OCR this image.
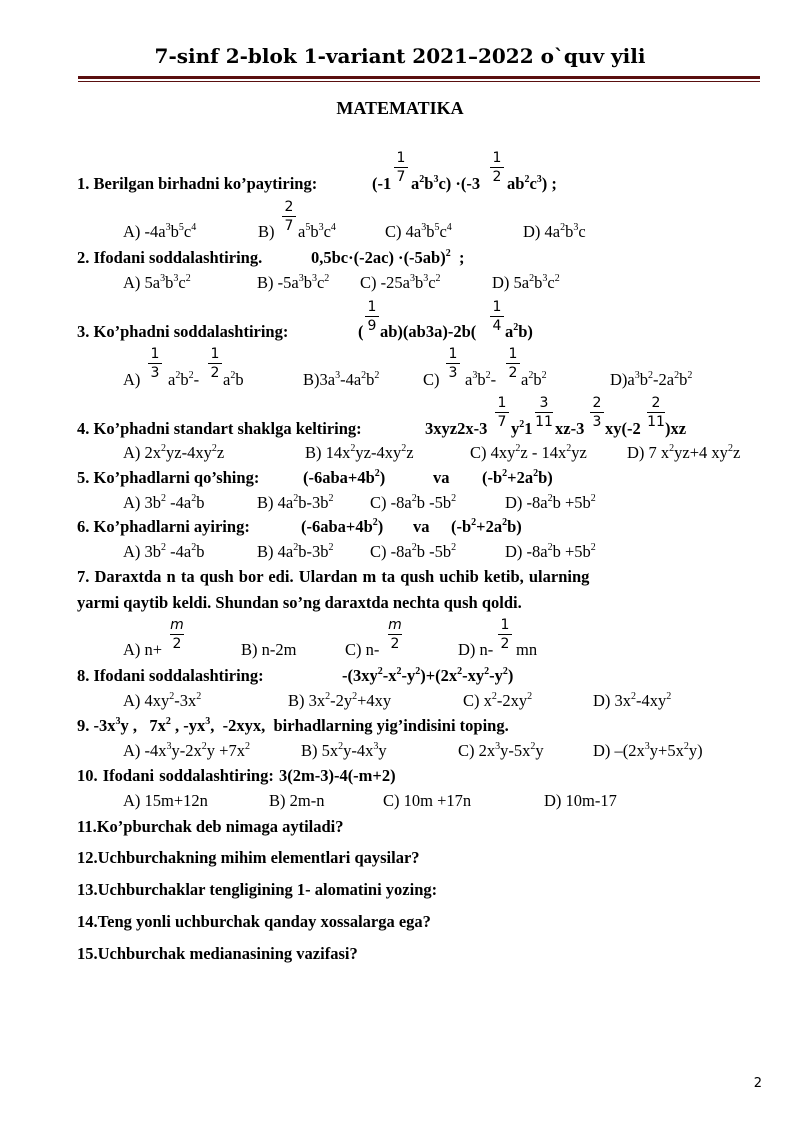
7-sinf 2-blok 1-variant 2021–2022 o`quv yili
MATEMATIKA
1
7
1
2
1. Berilgan birhadni ko’paytiring:	(-1 $a^2b^3c) \cdot(-3$ $ab^2c^3$) ;
2
7
A) $-4a^3b^5c^4$	B) $a^5b^3c^4$	C) $4a^3b^5c^4$	D) $4a^2b^3c$
2. Ifodani soddalashtiring.	$0,5bc\cdot(-2ac) \cdot(-5ab)^2$ ;
A) $5a^3b^3c^2$	B) $-5a^3b^3c^2$ C) $-25a^3b^3c^2$	D) $5a^2b^3c^2$
1
9
1
4
3. Ko’phadni soddalashtiring:	( ab)(ab3a)-2b( $a^2b$)
1
3
1
2
1
3
1
2
A) $a^2b^2-$ $a^2b$	$B)3a^3-4a^2b^2$	C) $a^3b^2-$ $a^2b^2$	$D)a^3b^2-2a^2b^2$
1
7
3
11
2
3
2
11
4. Ko’phadni standart shaklga keltiring:	3xyz2x-3 $y^21$ xz-3 xy(-2 )xz
A) $2x^2yz-4xy^2z$	B) $14x^2yz-4xy^2z$	C) $4xy^2z - 14x^2yz$ D) 7 $x^2yz+4$ $xy^2z$
5. Ko’phadlarni qo’shing:	$(-6aba+4b^2)$	va $(-b^2+2a^2b)$
A) $3b^2$ $-4a^2b$	B) $4a^2b-3b^2$ C) $-8a^2b$ $-5b^2$	D) $-8a^2b +5b^2$
6. Ko’phadlarni ayiring:	$(-6aba+4b^2)$ va $(-b^2+2a^2b)$
A) $3b^2$ $-4a^2b$	B) $4a^2b-3b^2$ C) $-8a^2b$ $-5b^2$	D) $-8a^2b +5b^2$
7. Daraxtda n ta qush bor edi. Ulardan m ta qush uchib ketib, ularning
yarmi qaytib keldi. Shundan so’ng daraxtda nechta qush qoldi.
m
2
m
2
1
2
A) n+	B) n-2m	C) n-	D) n- mn
8. Ifodani soddalashtiring:	$-(3xy^2-x^2-y^2)+(2x^2-xy^2-y^2)$
A) $4xy^2-3x^2$	B) $3x^2-2y^2+4xy$	C) $x^2-2xy^2$	D) $3x^2-4xy^2$
9. $-3x^3y$ , $7x^2$ , $-yx^3$, -2xyx, birhadlarning yig’indisini toping.
A) $-4x^3y-2x^2y +7x^2$	B) $5x^2y-4x^3y$	C) $2x^3y-5x^2y$	D) $-(2x^3y+5x^2y)$
10. Ifodani soddalashtiring: 3(2m-3)-4(-m+2)
A) 15m+12n	B) 2m-n	C) 10m +17n	D) 10m-17
11.Ko’pburchak deb nimaga aytiladi?
12.Uchburchakning mihim elementlari qaysilar?
13.Uchburchaklar tengligining 1- alomatini yozing:
14.Teng yonli uchburchak qanday xossalarga ega?
15.Uchburchak medianasining vazifasi?
2
